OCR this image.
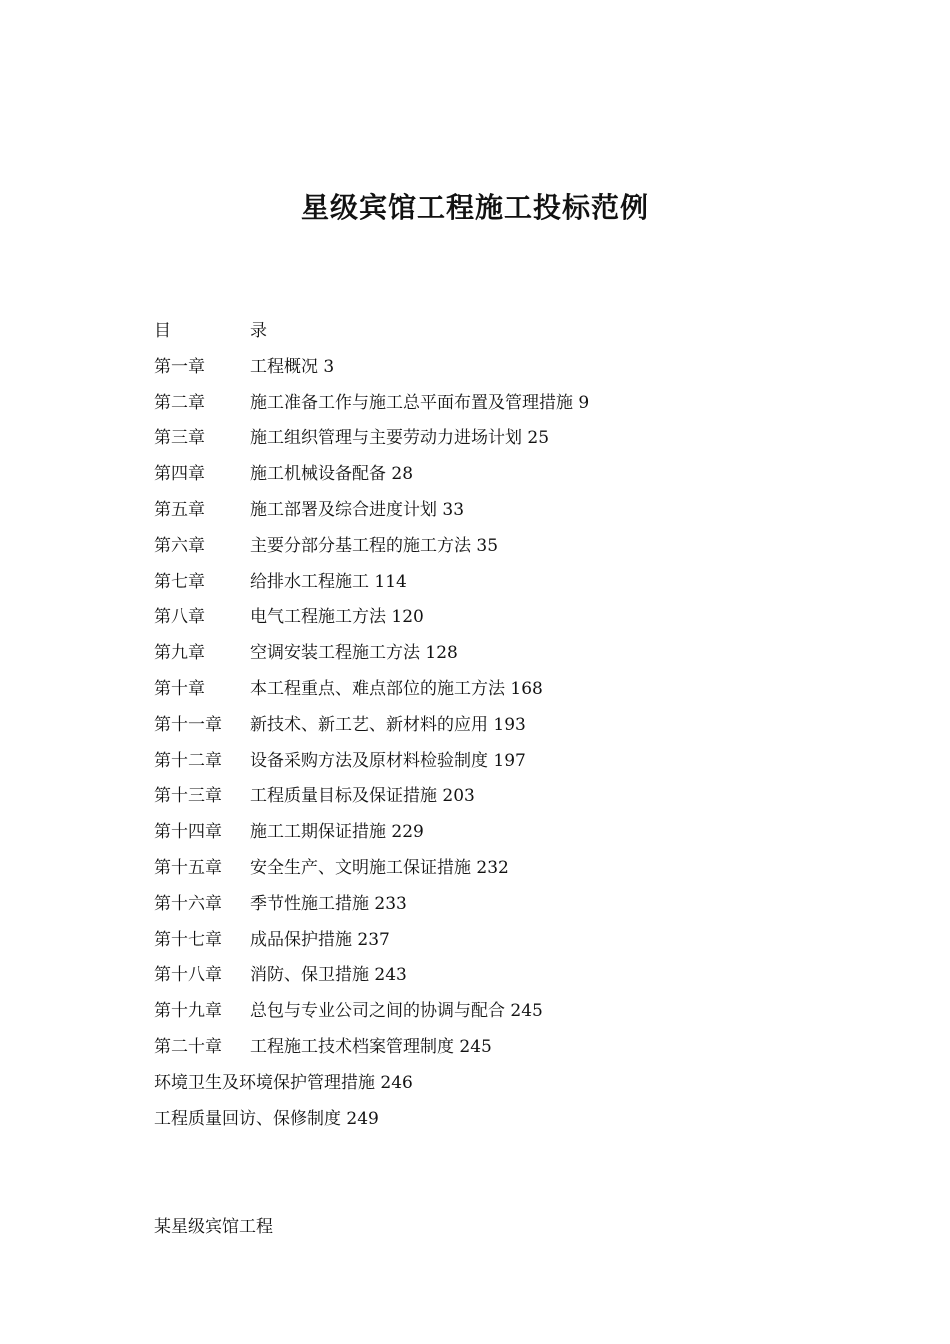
星级宾馆工程施工投标范例
目	录
第一章	工程概况 3
第二章	施工准备工作与施工总平面布置及管理措施 9
第三章	施工组织管理与主要劳动力进场计划 25
第四章	施工机械设备配备 28
第五章	施工部署及综合进度计划 33
第六章	主要分部分基工程的施工方法 35
第七章	给排水工程施工 114
第八章	电气工程施工方法 120
第九章	空调安装工程施工方法 128
第十章	本工程重点、难点部位的施工方法 168
第十一章 新技术、新工艺、新材料的应用 193
第十二章 设备采购方法及原材料检验制度 197
第十三章 工程质量目标及保证措施 203
第十四章 施工工期保证措施 229
第十五章 安全生产、文明施工保证措施 232
第十六章 季节性施工措施 233
第十七章 成品保护措施 237
第十八章 消防、保卫措施 243
第十九章 总包与专业公司之间的协调与配合 245
第二十章 工程施工技术档案管理制度 245
环境卫生及环境保护管理措施 246
工程质量回访、保修制度 249
某星级宾馆工程
